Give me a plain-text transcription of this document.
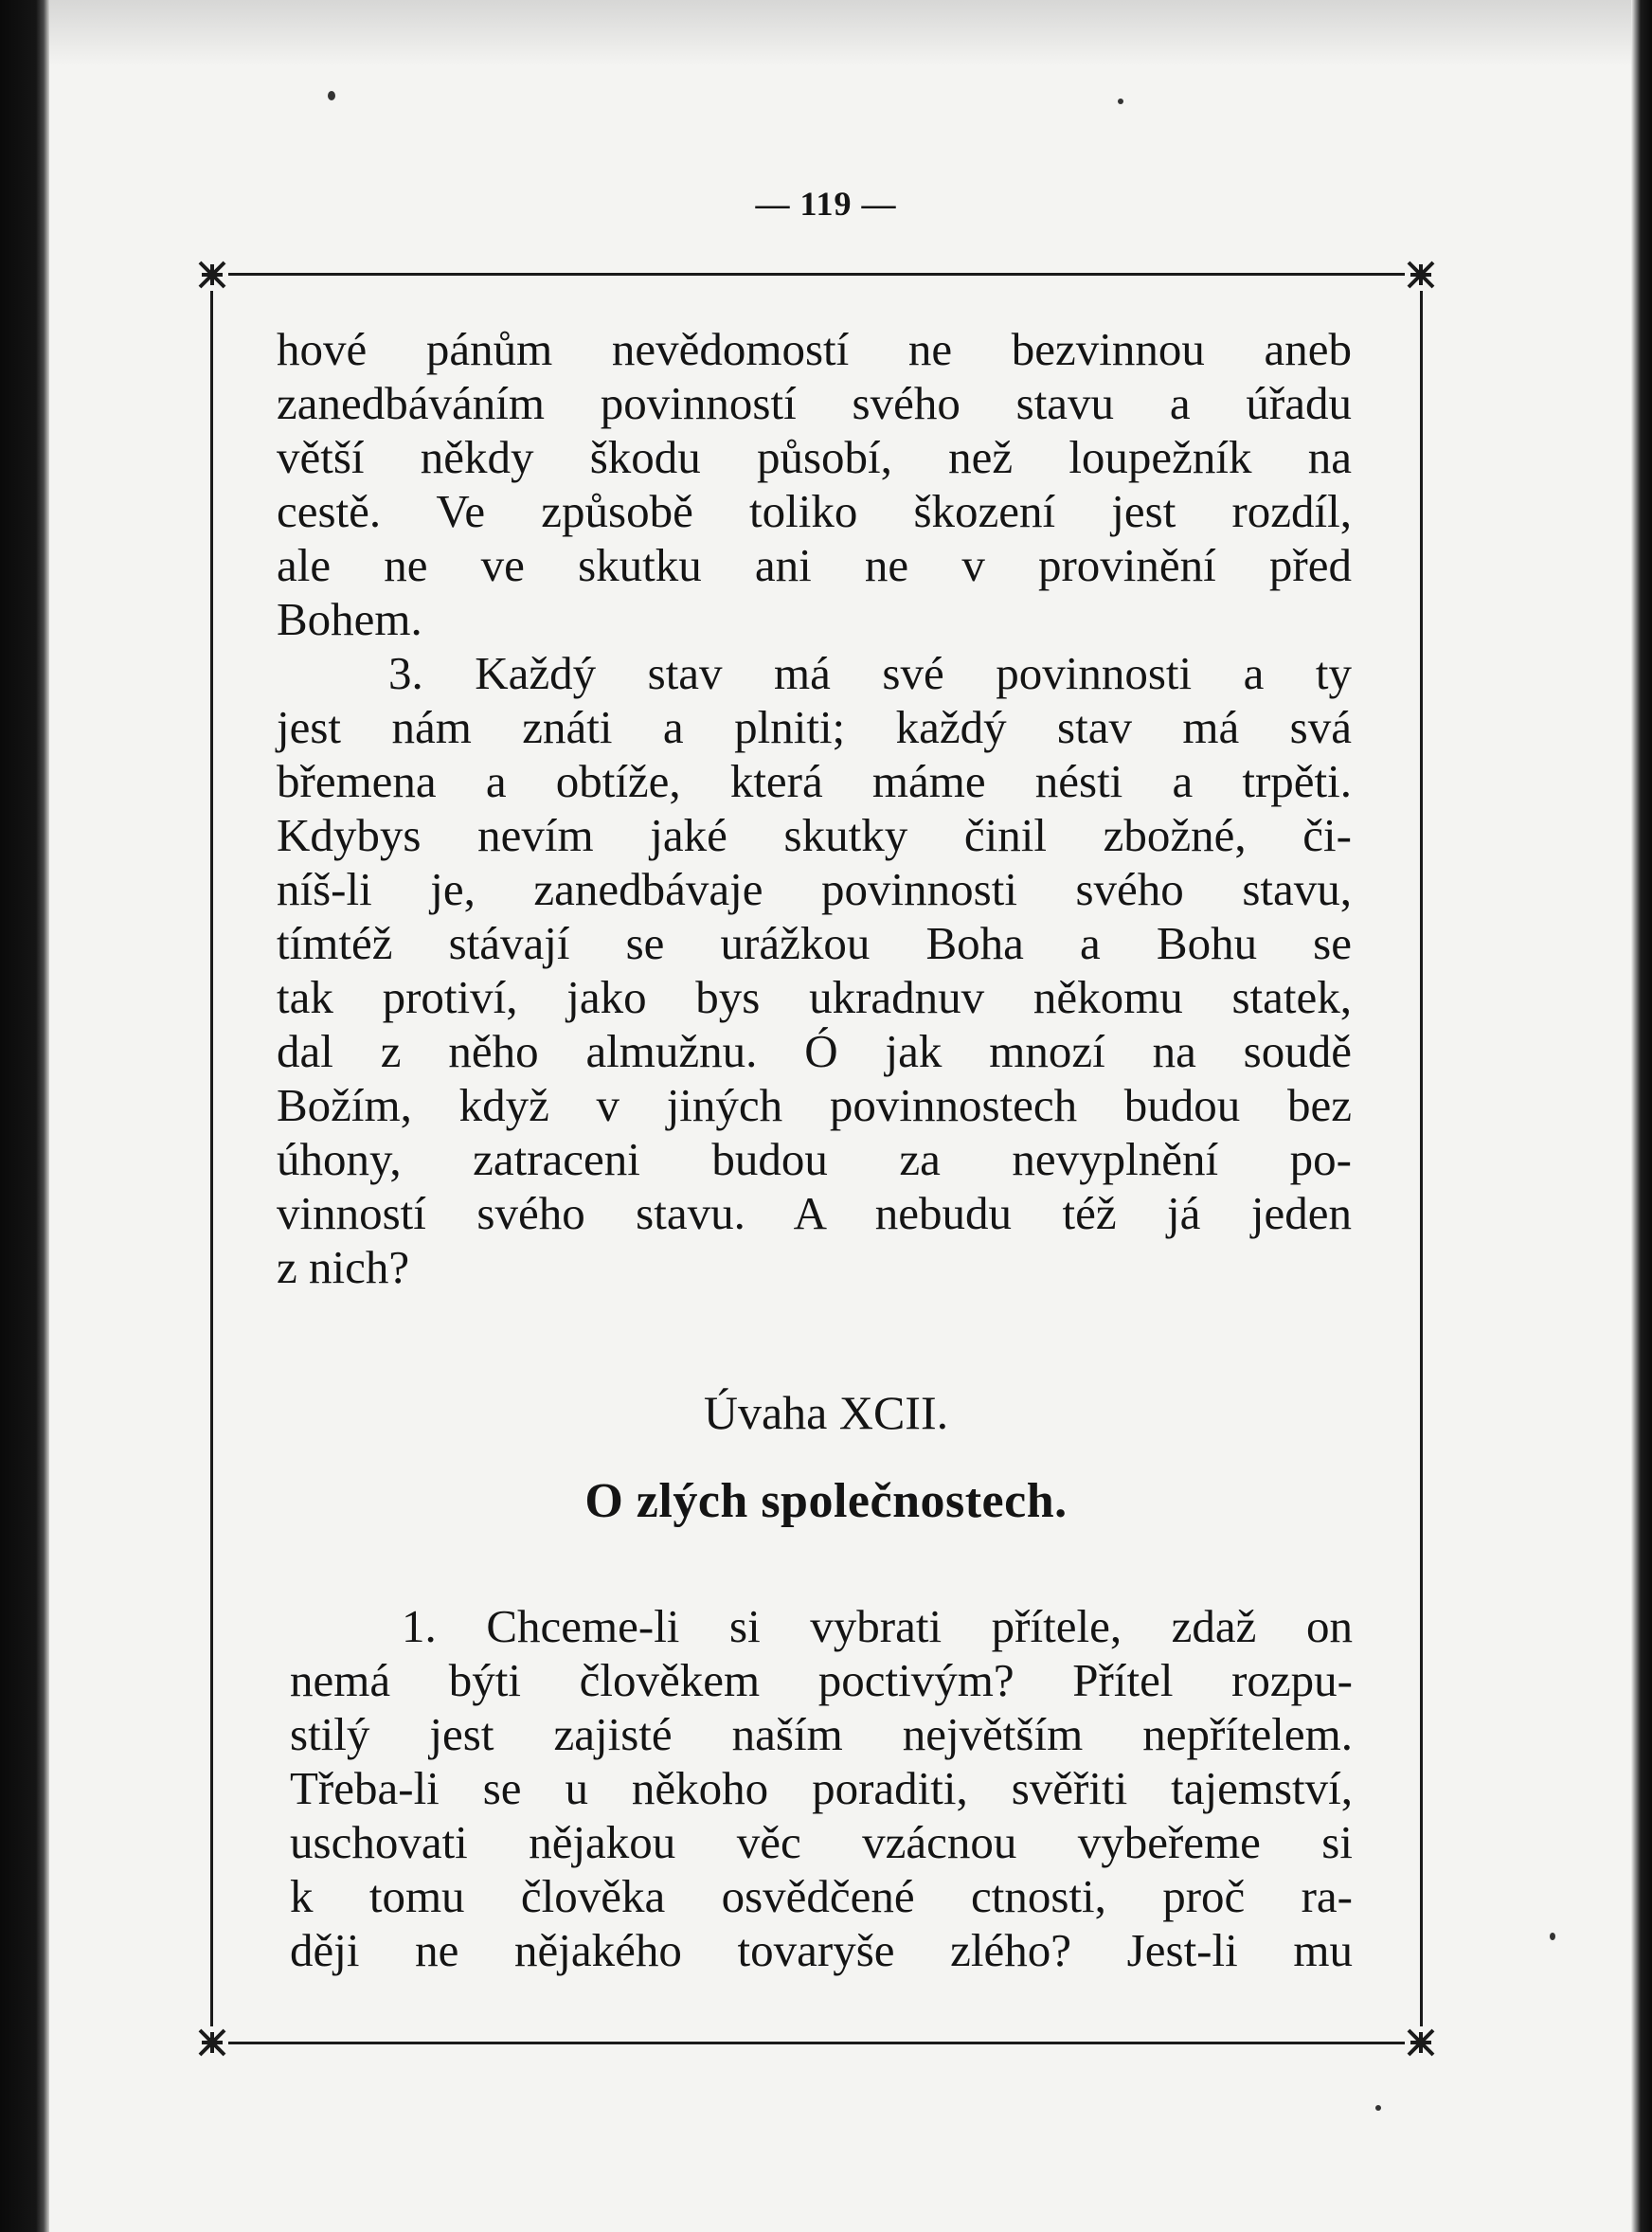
— 119 —
hové pánům nevědomostí ne bezvinnou aneb
zanedbáváním povinností svého stavu a úřadu
větší někdy škodu působí, než loupežník na
cestě. Ve způsobě toliko škození jest rozdíl,
ale ne ve skutku ani ne v provinění před
Bohem.
3. Každý stav má své povinnosti a ty
jest nám znáti a plniti; každý stav má svá
břemena a obtíže, která máme nésti a trpěti.
Kdybys nevím jaké skutky činil zbožné, či-
níš-li je, zanedbávaje povinnosti svého stavu,
tímtéž stávají se urážkou Boha a Bohu se
tak protiví, jako bys ukradnuv někomu statek,
dal z něho almužnu. Ó jak mnozí na soudě
Božím, když v jiných povinnostech budou bez
úhony, zatraceni budou za nevyplnění po-
vinností svého stavu. A nebudu též já jeden
z nich?
Úvaha XCII.
O zlých společnostech.
1. Chceme-li si vybrati přítele, zdaž on
nemá býti člověkem poctivým? Přítel rozpu-
stilý jest zajisté naším největším nepřítelem.
Třeba-li se u někoho poraditi, svěřiti tajemství,
uschovati nějakou věc vzácnou vybeřeme si
k tomu člověka osvědčené ctnosti, proč ra-
ději ne nějakého tovaryše zlého? Jest-li mu
